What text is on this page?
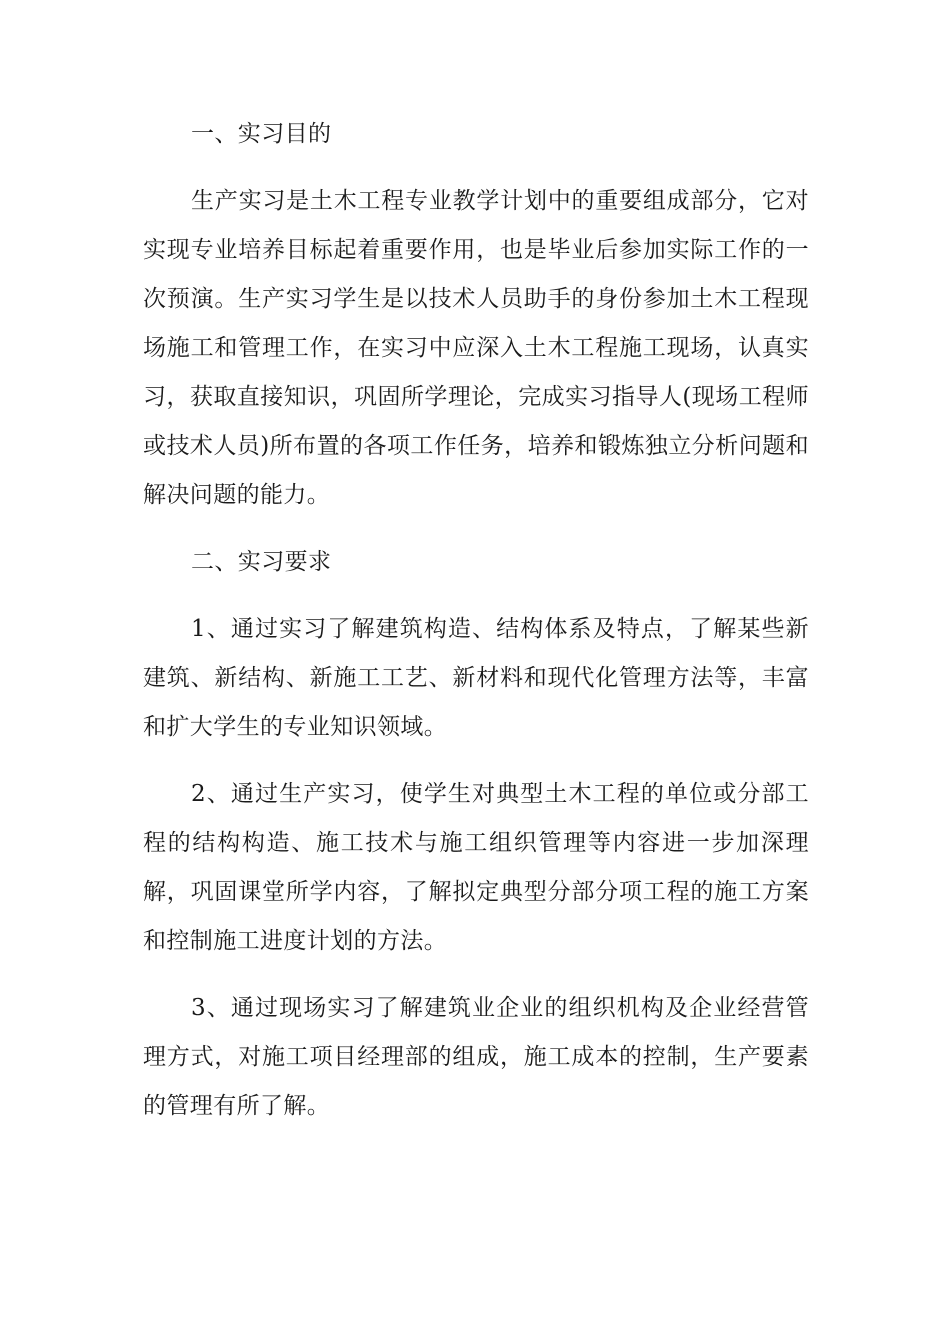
一、实习目的

生产实习是土木工程专业教学计划中的重要组成部分，它对实现专业培养目标起着重要作用，也是毕业后参加实际工作的一次预演。生产实习学生是以技术人员助手的身份参加土木工程现场施工和管理工作，在实习中应深入土木工程施工现场，认真实习，获取直接知识，巩固所学理论，完成实习指导人(现场工程师或技术人员)所布置的各项工作任务，培养和锻炼独立分析问题和解决问题的能力。

二、实习要求

1、通过实习了解建筑构造、结构体系及特点，了解某些新建筑、新结构、新施工工艺、新材料和现代化管理方法等，丰富和扩大学生的专业知识领域。

2、通过生产实习，使学生对典型土木工程的单位或分部工程的结构构造、施工技术与施工组织管理等内容进一步加深理解，巩固课堂所学内容，了解拟定典型分部分项工程的施工方案和控制施工进度计划的方法。

3、通过现场实习了解建筑业企业的组织机构及企业经营管理方式，对施工项目经理部的组成，施工成本的控制，生产要素的管理有所了解。
